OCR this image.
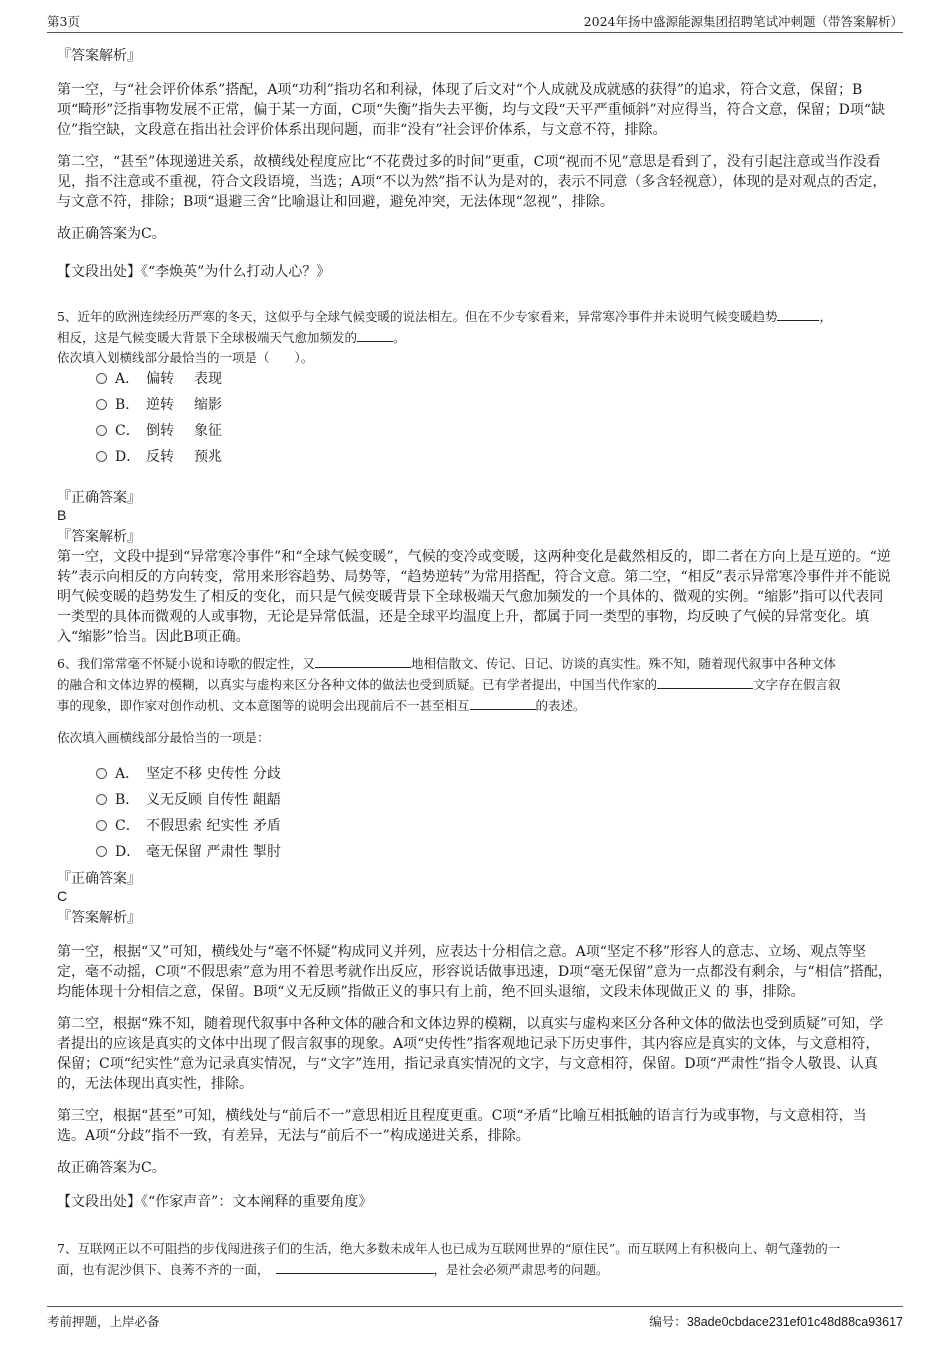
第3页	2024年扬中盛源能源集团招聘笔试冲刺题（带答案解析）

『答案解析』

第一空，与“社会评价体系”搭配，A项“功利”指功名和利禄，体现了后文对“个人成就及成就感的获得”的追求，符合文意，保留；B项“畸形”泛指事物发展不正常，偏于某一方面，C项“失衡”指失去平衡，均与文段“天平严重倾斜”对应得当，符合文意，保留；D项“缺位”指空缺，文段意在指出社会评价体系出现问题，而非“没有”社会评价体系，与文意不符，排除。

第二空，“甚至”体现递进关系，故横线处程度应比“不花费过多的时间”更重，C项“视而不见”意思是看到了，没有引起注意或当作没看见，指不注意或不重视，符合文段语境，当选；A项“不以为然”指不认为是对的，表示不同意（多含轻视意），体现的是对观点的否定，与文意不符，排除；B项“退避三舍”比喻退让和回避，避免冲突，无法体现“忽视”，排除。

故正确答案为C。

【文段出处】《“李焕英”为什么打动人心？》

5、近年的欧洲连续经历严寒的冬天，这似乎与全球气候变暖的说法相左。但在不少专家看来，异常寒冷事件并未说明气候变暖趋势	，

相反，这是气候变暖大背景下全球极端天气愈加频发的	。

依次填入划横线部分最恰当的一项是（　　）。

A． 偏转 表现
B． 逆转 缩影
C． 倒转 象征
D． 反转 预兆
『正确答案』
B

『答案解析』

第一空，文段中提到“异常寒冷事件”和“全球气候变暖”，气候的变冷或变暖，这两种变化是截然相反的，即二者在方向上是互逆的。“逆转”表示向相反的方向转变，常用来形容趋势、局势等，“趋势逆转”为常用搭配，符合文意。第二空，“相反”表示异常寒冷事件并不能说明气候变暖的趋势发生了相反的变化，而只是气候变暖背景下全球极端天气愈加频发的一个具体的、微观的实例。“缩影”指可以代表同一类型的具体而微观的人或事物，无论是异常低温，还是全球平均温度上升，都属于同一类型的事物，均反映了气候的异常变化。填入“缩影”恰当。因此B项正确。

6、我们常常毫不怀疑小说和诗歌的假定性，又	地相信散文、传记、日记、访谈的真实性。殊不知，随着现代叙事中各种文体

的融合和文体边界的模糊，以真实与虚构来区分各种文体的做法也受到质疑。已有学者提出，中国当代作家的	文字存在假言叙

事的现象，即作家对创作动机、文本意图等的说明会出现前后不一甚至相互	的表述。

依次填入画横线部分最恰当的一项是：

A． 坚定不移 史传性 分歧
B． 义无反顾 自传性 龃龉
C． 不假思索 纪实性 矛盾
D． 毫无保留 严肃性 掣肘
『正确答案』
C

『答案解析』

第一空，根据“又”可知，横线处与“毫不怀疑”构成同义并列，应表达十分相信之意。A项“坚定不移”形容人的意志、立场、观点等坚定，毫不动摇，C项“不假思索”意为用不着思考就作出反应，形容说话做事迅速，D项“毫无保留”意为一点都没有剩余，与“相信”搭配，均能体现十分相信之意，保留。B项“义无反顾”指做正义的事只有上前，绝不回头退缩，文段未体现做正义 的 事，排除。

第二空，根据“殊不知，随着现代叙事中各种文体的融合和文体边界的模糊，以真实与虚构来区分各种文体的做法也受到质疑”可知，学者提出的应该是真实的文体中出现了假言叙事的现象。A项“史传性”指客观地记录下历史事件，其内容应是真实的文体，与文意相符，保留；C项“纪实性”意为记录真实情况，与“文字”连用，指记录真实情况的文字，与文意相符，保留。D项“严肃性”指令人敬畏、认真的，无法体现出真实性，排除。

第三空，根据“甚至”可知，横线处与“前后不一”意思相近且程度更重。C项“矛盾”比喻互相抵触的语言行为或事物，与文意相符，当选。A项“分歧”指不一致，有差异，无法与“前后不一”构成递进关系，排除。

故正确答案为C。

【文段出处】《“作家声音”：文本阐释的重要角度》

7、互联网正以不可阻挡的步伐闯进孩子们的生活，绝大多数未成年人也已成为互联网世界的“原住民”。而互联网上有积极向上、朝气蓬勃的一

面，也有泥沙俱下、良莠不齐的一面，	，是社会必须严肃思考的问题。

考前押题，上岸必备	编号：38ade0cbdace231ef01c48d88ca93617
